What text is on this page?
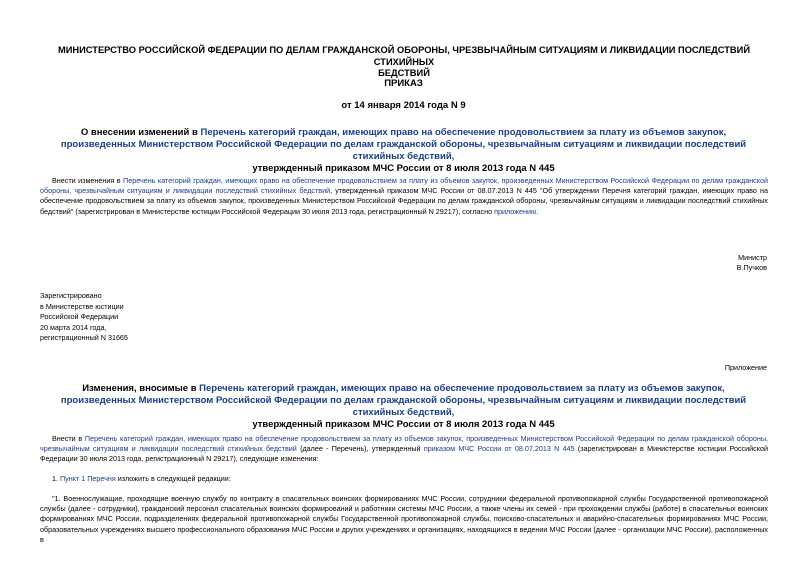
МИНИСТЕРСТВО РОССИЙСКОЙ ФЕДЕРАЦИИ ПО ДЕЛАМ ГРАЖДАНСКОЙ ОБОРОНЫ, ЧРЕЗВЫЧАЙНЫМ СИТУАЦИЯМ И ЛИКВИДАЦИИ ПОСЛЕДСТВИЙ СТИХИЙНЫХ
БЕДСТВИЙ
ПРИКАЗ
от 14 января 2014 года N 9
О внесении изменений в Перечень категорий граждан, имеющих право на обеспечение продовольствием за плату из объемов закупок, произведенных Министерством Российской Федерации по делам гражданской обороны, чрезвычайным ситуациям и ликвидации последствий стихийных бедствий,
утвержденный приказом МЧС России от 8 июля 2013 года N 445
Внести изменения в Перечень категорий граждан, имеющих право на обеспечение продовольствием за плату из объемов закупок, произведенных Министерством Российской Федерации по делам гражданской обороны, чрезвычайным ситуациям и ликвидации последствий стихийных бедствий, утвержденный приказом МЧС России от 08.07.2013 N 445 "Об утверждении Перечня категорий граждан, имеющих право на обеспечение продовольствием за плату из объемов закупок, произведенных Министерством Российской Федерации по делам гражданской обороны, чрезвычайным ситуациям и ликвидации последствий стихийных бедствий" (зарегистрирован в Министерстве юстиции Российской Федерации 30 июля 2013 года, регистрационный N 29217), согласно приложению.
Министр
В.Пучков
Зарегистрировано
в Министерстве юстиции
Российской Федерации
20 марта 2014 года,
регистрационный N 31665
Приложение
Изменения, вносимые в Перечень категорий граждан, имеющих право на обеспечение продовольствием за плату из объемов закупок, произведенных Министерством Российской Федерации по делам гражданской обороны, чрезвычайным ситуациям и ликвидации последствий стихийных бедствий,
утвержденный приказом МЧС России от 8 июля 2013 года N 445
Внести в Перечень категорий граждан, имеющих право на обеспечение продовольствием за плату из объемов закупок, произведенных Министерством Российской Федерации по делам гражданской обороны, чрезвычайным ситуациям и ликвидации последствий стихийных бедствий (далее - Перечень), утвержденный приказом МЧС России от 08.07.2013 N 445 (зарегистрирован в Министерстве юстиции Российской Федерации 30 июля 2013 года, регистрационный N 29217), следующие изменения:
1. Пункт 1 Перечня изложить в следующей редакции:
"1. Военнослужащие, проходящие военную службу по контракту в спасательных воинских формированиях МЧС России, сотрудники федеральной противопожарной службы Государственной противопожарной службы (далее - сотрудники), гражданский персонал спасательных воинских формирований и работники системы МЧС России, а также члены их семей - при прохождении службы (работе) в спасательных воинских формированиях МЧС России, подразделениях федеральной противопожарной службы Государственной противопожарной службы, поисково-спасательных и аварийно-спасательных формированиях МЧС России, образовательных учреждениях высшего профессионального образования МЧС России и других учреждениях и организациях, находящихся в ведении МЧС России (далее - организации МЧС России), расположенных в
